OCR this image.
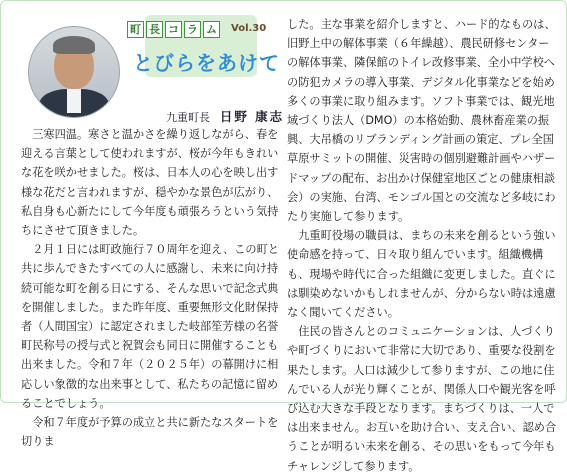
町 長 コ ラ ム	Vol.30
とびらをあけて
九重町長 日野 康志

　三寒四温。寒さと温かさを繰り返しながら、春を迎える言葉として使われますが、桜が今年もきれいな花を咲かせました。桜は、日本人の心を映し出す様な花だと言われますが、穏やかな景色が広がり、私自身も心新たにして今年度も頑張ろうという気持ちにさせて頂きました。

　２月１日には町政施行７０周年を迎え、この町と共に歩んできたすべての人に感謝し、未来に向け持続可能な町を創る日にする、そんな思いで記念式典を開催しました。また昨年度、重要無形文化財保持者（人間国宝）に認定されました岐部笙芳様の名誉町民称号の授与式と祝賀会も同日に開催することも出来ました。令和７年（２０２５年）の幕開けに相応しい象徴的な出来事として、私たちの記憶に留めることでしょう。

　令和７年度が予算の成立と共に新たなスタートを切りま

した。主な事業を紹介しますと、ハード的なものは、旧野上中の解体事業（６年繰越）、農民研修センターの解体事業、隣保館のトイレ改修事業、全小中学校への防犯カメラの導入事業、デジタル化事業などを始め多くの事業に取り組みます。ソフト事業では、観光地域づくり法人（DMO）の本格始動、農林畜産業の振興、大吊橋のリブランディング計画の策定、プレ全国草原サミットの開催、災害時の個別避難計画やハザードマップの配布、お出かけ保健室地区ごとの健康相談会）の実施、台湾、モンゴル国との交流など多岐にわたり実施して参ります。

　九重町役場の職員は、まちの未来を創るという強い使命感を持って、日々取り組んでいます。組織機構も、現場や時代に合った組織に変更しました。直ぐには馴染めないかもしれませんが、分からない時は遠慮なく聞いてください。

　住民の皆さんとのコミュニケーションは、人づくりや町づくりにおいて非常に大切であり、重要な役割を果たします。人口は減少して参りますが、この地に住んでいる人が光り輝くことが、関係人口や観光客を呼び込む大きな手段となります。まちづくりは、一人では出来ません。お互いを助け合い、支え合い、認め合うことが明るい未来を創る、その思いをもって今年もチャレンジして参ります。
